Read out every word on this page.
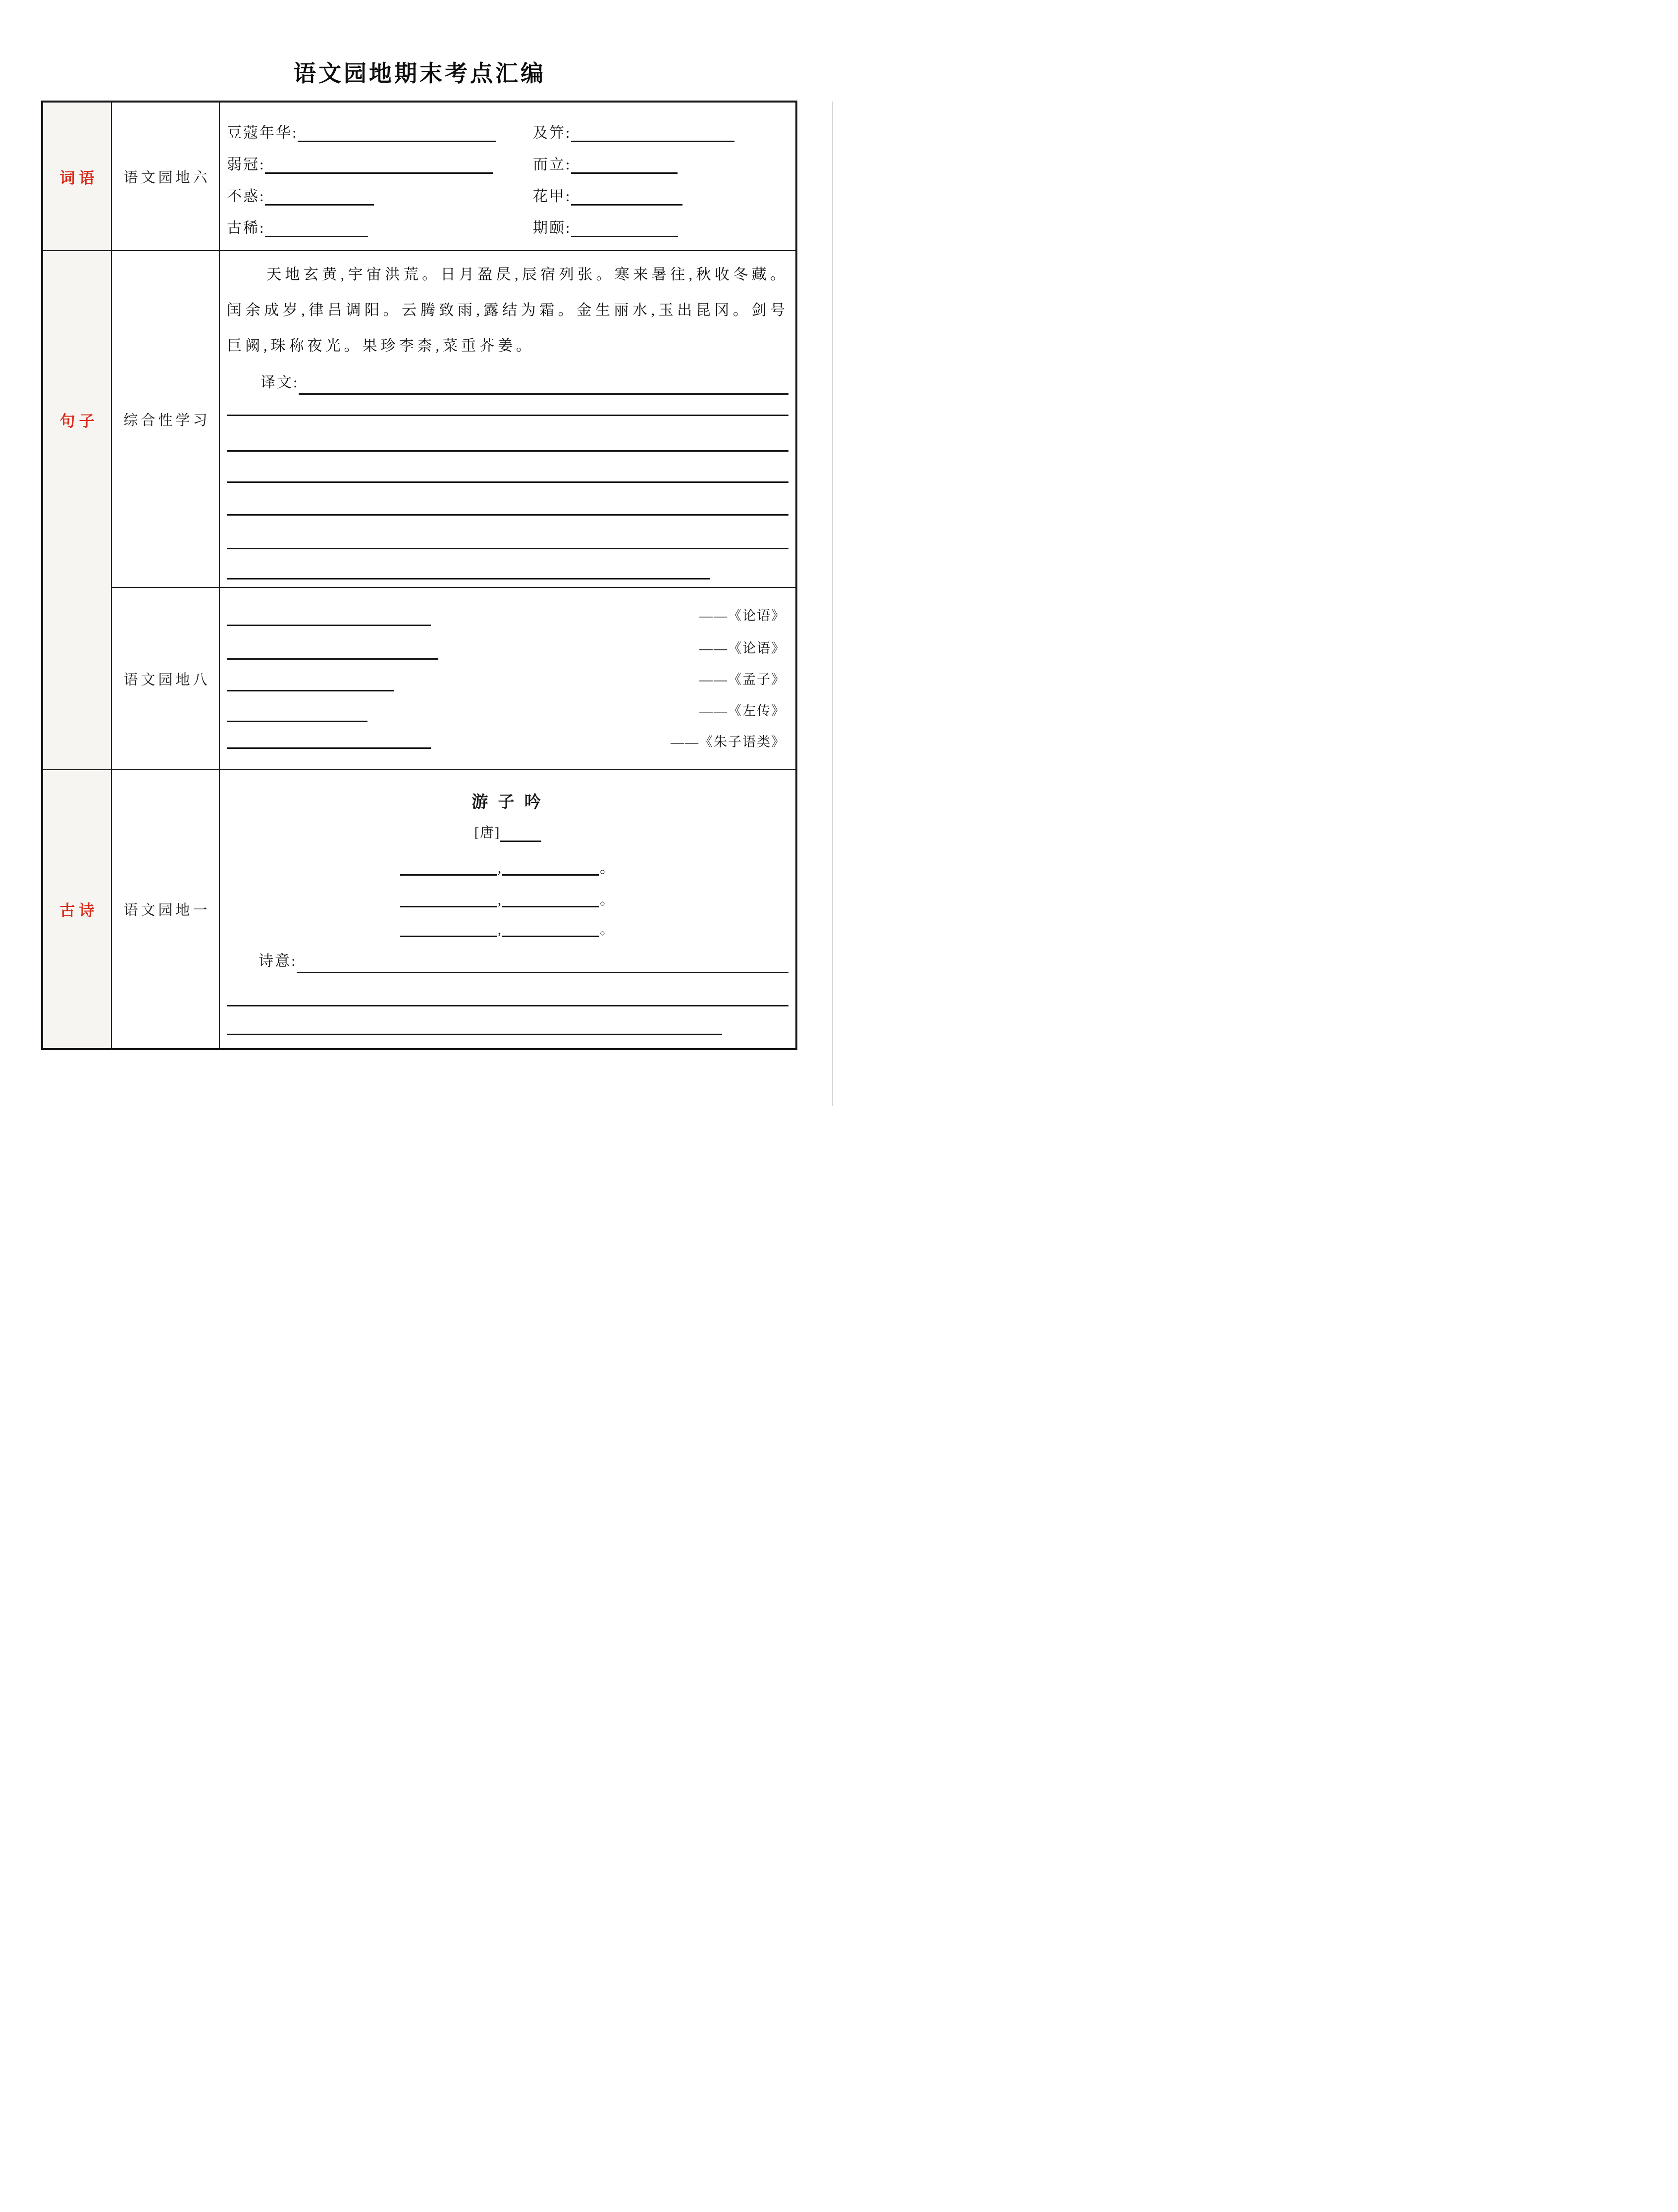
语文园地期末考点汇编
词语 语文园地六
豆蔻年华:	及笄:
弱冠:	而立:
不惑:	花甲:
古稀:	期颐:
句子 综合性学习

天地玄黄,宇宙洪荒。日月盈昃,辰宿列张。寒来暑往,秋收冬藏。闰余成岁,律吕调阳。云腾致雨,露结为霜。金生丽水,玉出昆冈。剑号巨阙,珠称夜光。果珍李柰,菜重芥姜。

译文:
语文园地八
——《论语》
——《论语》
——《孟子》
——《左传》
——《朱子语类》
古诗 语文园地一
游 子 吟
[唐]
,	。
,	。
,	。
诗意:
